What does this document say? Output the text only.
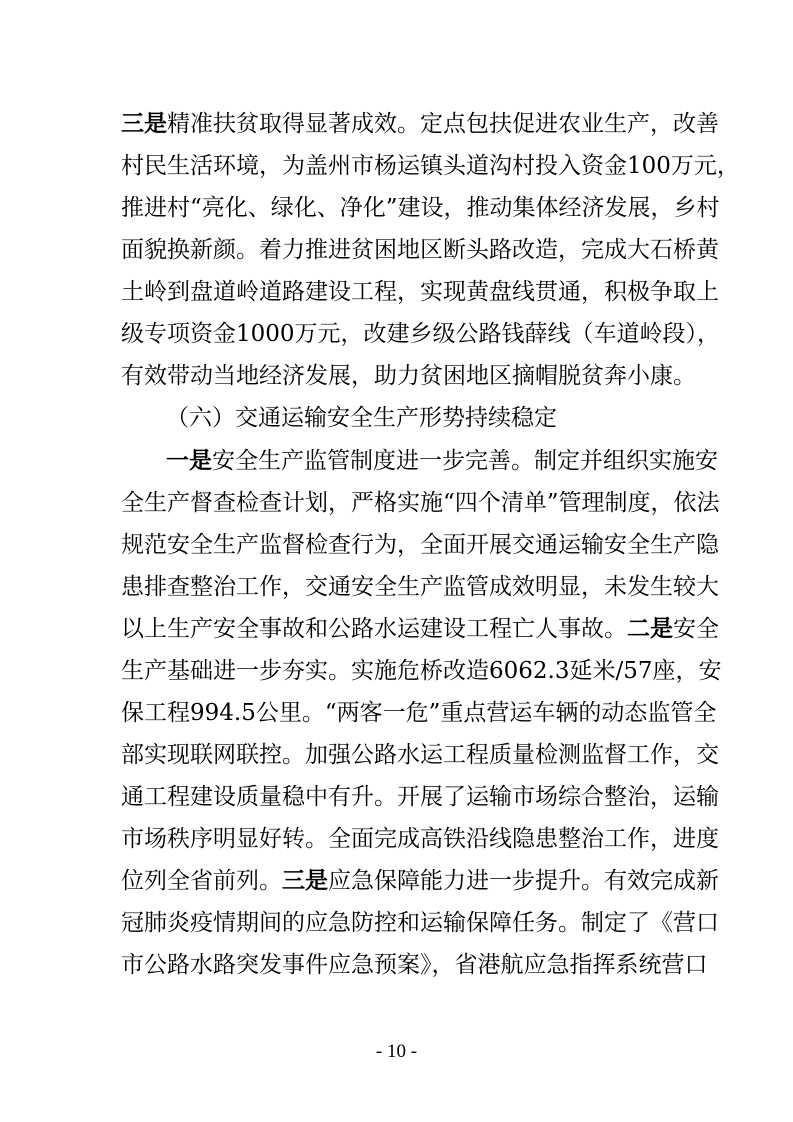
三是精准扶贫取得显著成效。定点包扶促进农业生产，改善
村民生活环境，为盖州市杨运镇头道沟村投入资金100万元，
推进村“亮化、绿化、净化”建设，推动集体经济发展，乡村
面貌换新颜。着力推进贫困地区断头路改造，完成大石桥黄
土岭到盘道岭道路建设工程，实现黄盘线贯通，积极争取上
级专项资金1000万元，改建乡级公路钱薛线（车道岭段），
有效带动当地经济发展，助力贫困地区摘帽脱贫奔小康。
（六）交通运输安全生产形势持续稳定
一是安全生产监管制度进一步完善。制定并组织实施安
全生产督查检查计划，严格实施“四个清单”管理制度，依法
规范安全生产监督检查行为，全面开展交通运输安全生产隐
患排查整治工作，交通安全生产监管成效明显，未发生较大
以上生产安全事故和公路水运建设工程亡人事故。二是安全
生产基础进一步夯实。实施危桥改造6062.3延米/57座，安
保工程994.5公里。“两客一危”重点营运车辆的动态监管全
部实现联网联控。加强公路水运工程质量检测监督工作，交
通工程建设质量稳中有升。开展了运输市场综合整治，运输
市场秩序明显好转。全面完成高铁沿线隐患整治工作，进度
位列全省前列。三是应急保障能力进一步提升。有效完成新
冠肺炎疫情期间的应急防控和运输保障任务。制定了《营口
市公路水路突发事件应急预案》，省港航应急指挥系统营口
- 10 -
